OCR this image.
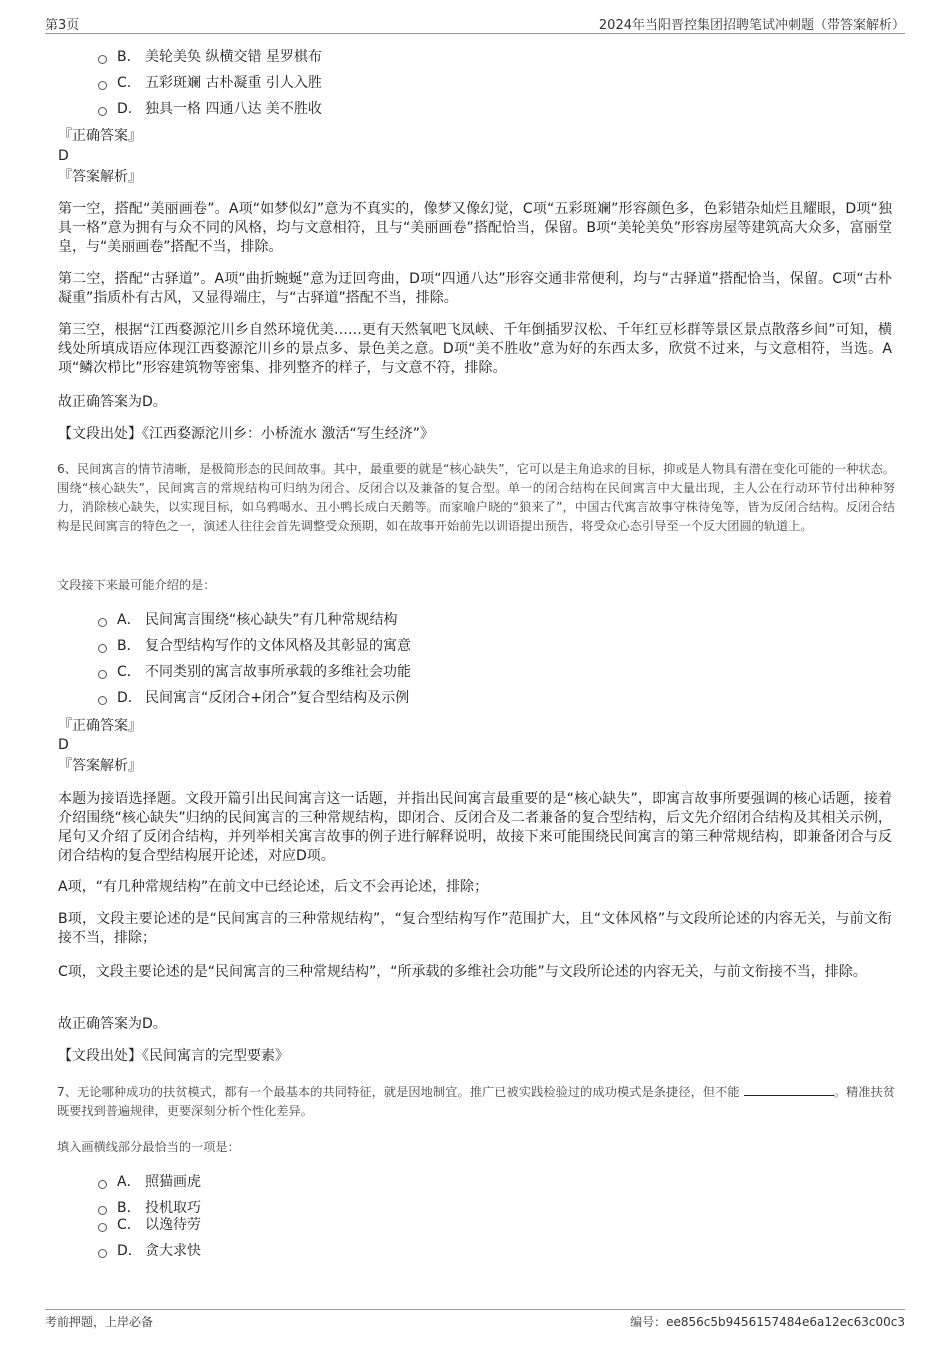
第3页	2024年当阳晋控集团招聘笔试冲刺题（带答案解析）
B. 美轮美奂 纵横交错 星罗棋布
C. 五彩斑斓 古朴凝重 引人入胜
D. 独具一格 四通八达 美不胜收
『正确答案』
D
『答案解析』
第一空，搭配“美丽画卷”。A项“如梦似幻”意为不真实的，像梦又像幻觉，C项“五彩斑斓”形容颜色多，色彩错杂灿烂且耀眼，D项“独具一格”意为拥有与众不同的风格，均与文意相符，且与“美丽画卷”搭配恰当，保留。B项“美轮美奂”形容房屋等建筑高大众多，富丽堂皇，与“美丽画卷”搭配不当，排除。
第二空，搭配“古驿道”。A项“曲折蜿蜒”意为迂回弯曲，D项“四通八达”形容交通非常便利，均与“古驿道”搭配恰当，保留。C项“古朴凝重”指质朴有古风，又显得端庄，与“古驿道”搭配不当，排除。
第三空，根据“江西婺源沱川乡自然环境优美……更有天然氧吧飞凤峡、千年倒插罗汉松、千年红豆杉群等景区景点散落乡间”可知，横线处所填成语应体现江西婺源沱川乡的景点多、景色美之意。D项“美不胜收”意为好的东西太多，欣赏不过来，与文意相符，当选。A项“鳞次栉比”形容建筑物等密集、排列整齐的样子，与文意不符，排除。
故正确答案为D。
【文段出处】《江西婺源沱川乡：小桥流水 激活“写生经济”》
6、民间寓言的情节清晰，是极简形态的民间故事。其中，最重要的就是“核心缺失”，它可以是主角追求的目标，抑或是人物具有潜在变化可能的一种状态。围绕“核心缺失”，民间寓言的常规结构可归纳为闭合、反闭合以及兼备的复合型。单一的闭合结构在民间寓言中大量出现，主人公在行动环节付出种种努力，消除核心缺失，以实现目标，如乌鸦喝水、丑小鸭长成白天鹅等。而家喻户晓的“狼来了”，中国古代寓言故事守株待兔等，皆为反闭合结构。反闭合结构是民间寓言的特色之一，演述人往往会首先调整受众预期，如在故事开始前先以训语提出预告，将受众心态引导至一个反大团圆的轨道上。
文段接下来最可能介绍的是：
A． 民间寓言围绕“核心缺失”有几种常规结构
B． 复合型结构写作的文体风格及其彰显的寓意
C． 不同类别的寓言故事所承载的多维社会功能
D． 民间寓言“反闭合+闭合”复合型结构及示例
『正确答案』
D
『答案解析』
本题为接语选择题。文段开篇引出民间寓言这一话题，并指出民间寓言最重要的是“核心缺失”，即寓言故事所要强调的核心话题，接着介绍围绕“核心缺失”归纳的民间寓言的三种常规结构，即闭合、反闭合及二者兼备的复合型结构，后文先介绍闭合结构及其相关示例，尾句又介绍了反闭合结构，并列举相关寓言故事的例子进行解释说明，故接下来可能围绕民间寓言的第三种常规结构，即兼备闭合与反闭合结构的复合型结构展开论述，对应D项。
A项，“有几种常规结构”在前文中已经论述，后文不会再论述，排除；
B项，文段主要论述的是“民间寓言的三种常规结构”，“复合型结构写作”范围扩大，且“文体风格”与文段所论述的内容无关，与前文衔接不当，排除；
C项，文段主要论述的是“民间寓言的三种常规结构”，“所承载的多维社会功能”与文段所论述的内容无关，与前文衔接不当，排除。
故正确答案为D。
【文段出处】《民间寓言的完型要素》
7、无论哪种成功的扶贫模式，都有一个最基本的共同特征，就是因地制宜。推广已被实践检验过的成功模式是条捷径，但不能	。精准扶贫既要找到普遍规律，更要深刻分析个性化差异。
填入画横线部分最恰当的一项是：
A． 照猫画虎
B． 投机取巧
C． 以逸待劳
D． 贪大求快
考前押题，上岸必备	编号：ee856c5b9456157484e6a12ec63c00c3
